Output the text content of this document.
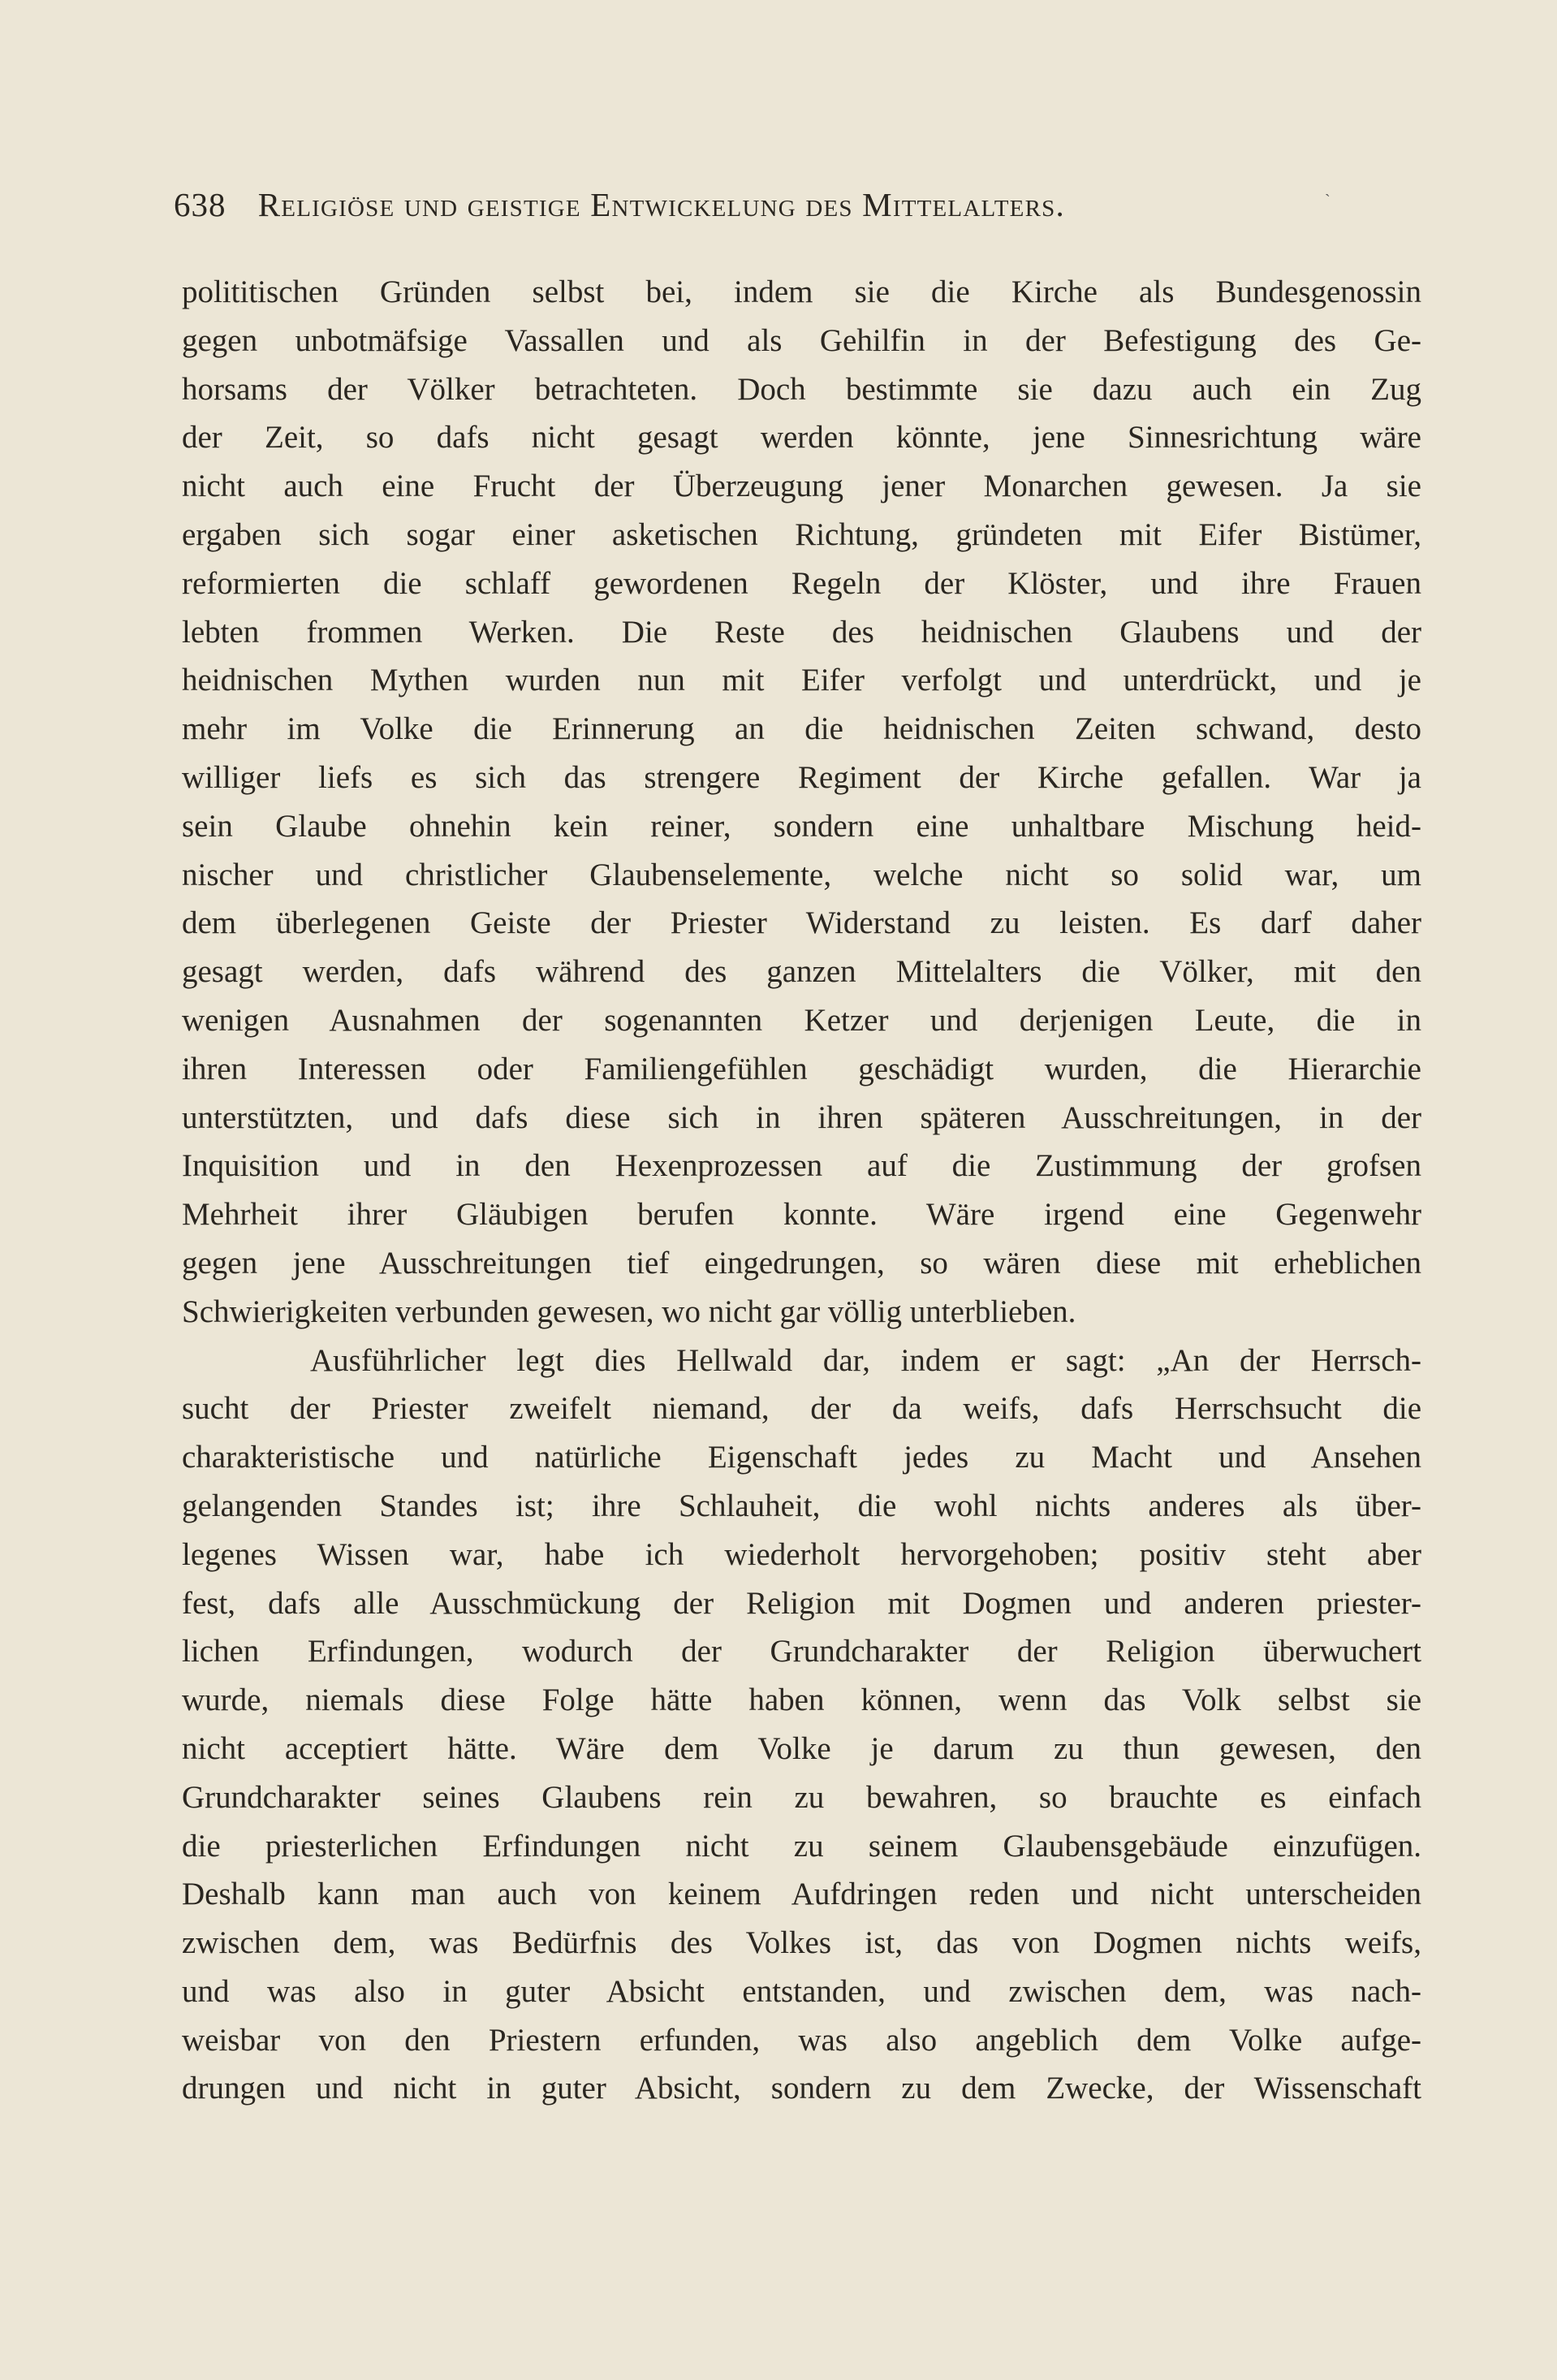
638 Religiöse und geistige Entwickelung des Mittelalters.	`
polititischen Gründen selbst bei, indem sie die Kirche als Bundesgenossin
gegen unbotmäfsige Vassallen und als Gehilfin in der Befestigung des Ge-
horsams der Völker betrachteten. Doch bestimmte sie dazu auch ein Zug
der Zeit, so dafs nicht gesagt werden könnte, jene Sinnesrichtung wäre
nicht auch eine Frucht der Überzeugung jener Monarchen gewesen. Ja sie
ergaben sich sogar einer asketischen Richtung, gründeten mit Eifer Bistümer,
reformierten die schlaff gewordenen Regeln der Klöster, und ihre Frauen
lebten frommen Werken. Die Reste des heidnischen Glaubens und der
heidnischen Mythen wurden nun mit Eifer verfolgt und unterdrückt, und je
mehr im Volke die Erinnerung an die heidnischen Zeiten schwand, desto
williger liefs es sich das strengere Regiment der Kirche gefallen. War ja
sein Glaube ohnehin kein reiner, sondern eine unhaltbare Mischung heid-
nischer und christlicher Glaubenselemente, welche nicht so solid war, um
dem überlegenen Geiste der Priester Widerstand zu leisten. Es darf daher
gesagt werden, dafs während des ganzen Mittelalters die Völker, mit den
wenigen Ausnahmen der sogenannten Ketzer und derjenigen Leute, die in
ihren Interessen oder Familiengefühlen geschädigt wurden, die Hierarchie
unterstützten, und dafs diese sich in ihren späteren Ausschreitungen, in der
Inquisition und in den Hexenprozessen auf die Zustimmung der grofsen
Mehrheit ihrer Gläubigen berufen konnte. Wäre irgend eine Gegenwehr
gegen jene Ausschreitungen tief eingedrungen, so wären diese mit erheblichen
Schwierigkeiten verbunden gewesen, wo nicht gar völlig unterblieben.
Ausführlicher legt dies Hellwald dar, indem er sagt: „An der Herrsch-
sucht der Priester zweifelt niemand, der da weifs, dafs Herrschsucht die
charakteristische und natürliche Eigenschaft jedes zu Macht und Ansehen
gelangenden Standes ist; ihre Schlauheit, die wohl nichts anderes als über-
legenes Wissen war, habe ich wiederholt hervorgehoben; positiv steht aber
fest, dafs alle Ausschmückung der Religion mit Dogmen und anderen priester-
lichen Erfindungen, wodurch der Grundcharakter der Religion überwuchert
wurde, niemals diese Folge hätte haben können, wenn das Volk selbst sie
nicht acceptiert hätte. Wäre dem Volke je darum zu thun gewesen, den
Grundcharakter seines Glaubens rein zu bewahren, so brauchte es einfach
die priesterlichen Erfindungen nicht zu seinem Glaubensgebäude einzufügen.
Deshalb kann man auch von keinem Aufdringen reden und nicht unterscheiden
zwischen dem, was Bedürfnis des Volkes ist, das von Dogmen nichts weifs,
und was also in guter Absicht entstanden, und zwischen dem, was nach-
weisbar von den Priestern erfunden, was also angeblich dem Volke aufge-
drungen und nicht in guter Absicht, sondern zu dem Zwecke, der Wissenschaft
